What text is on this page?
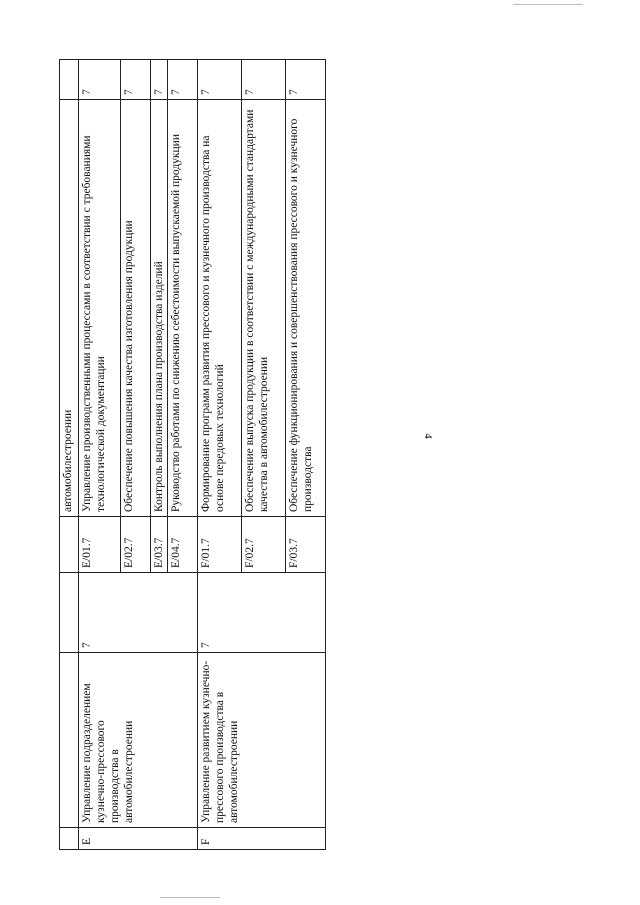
4
				автомобилестроении	
E	Управление подразделением кузнечно-прессового производства в автомобилестроении	7	E/01.7	Управление производственными процессами в соответствии с требованиями технологической документации	7
			E/02.7	Обеспечение повышения качества изготовления продукции	7
			E/03.7	Контроль выполнения плана производства изделий	7
			E/04.7	Руководство работами по снижению себестоимости выпускаемой продукции	7
F	Управление развитием кузнечно-прессового производства в автомобилестроении	7	F/01.7	Формирование программ развития прессового и кузнечного производства на основе передовых технологий	7
			F/02.7	Обеспечение выпуска продукции в соответствии с международными стандартами качества в автомобилестроении	7
			F/03.7	Обеспечение функционирования и совершенствования прессового и кузнечного производства	7
